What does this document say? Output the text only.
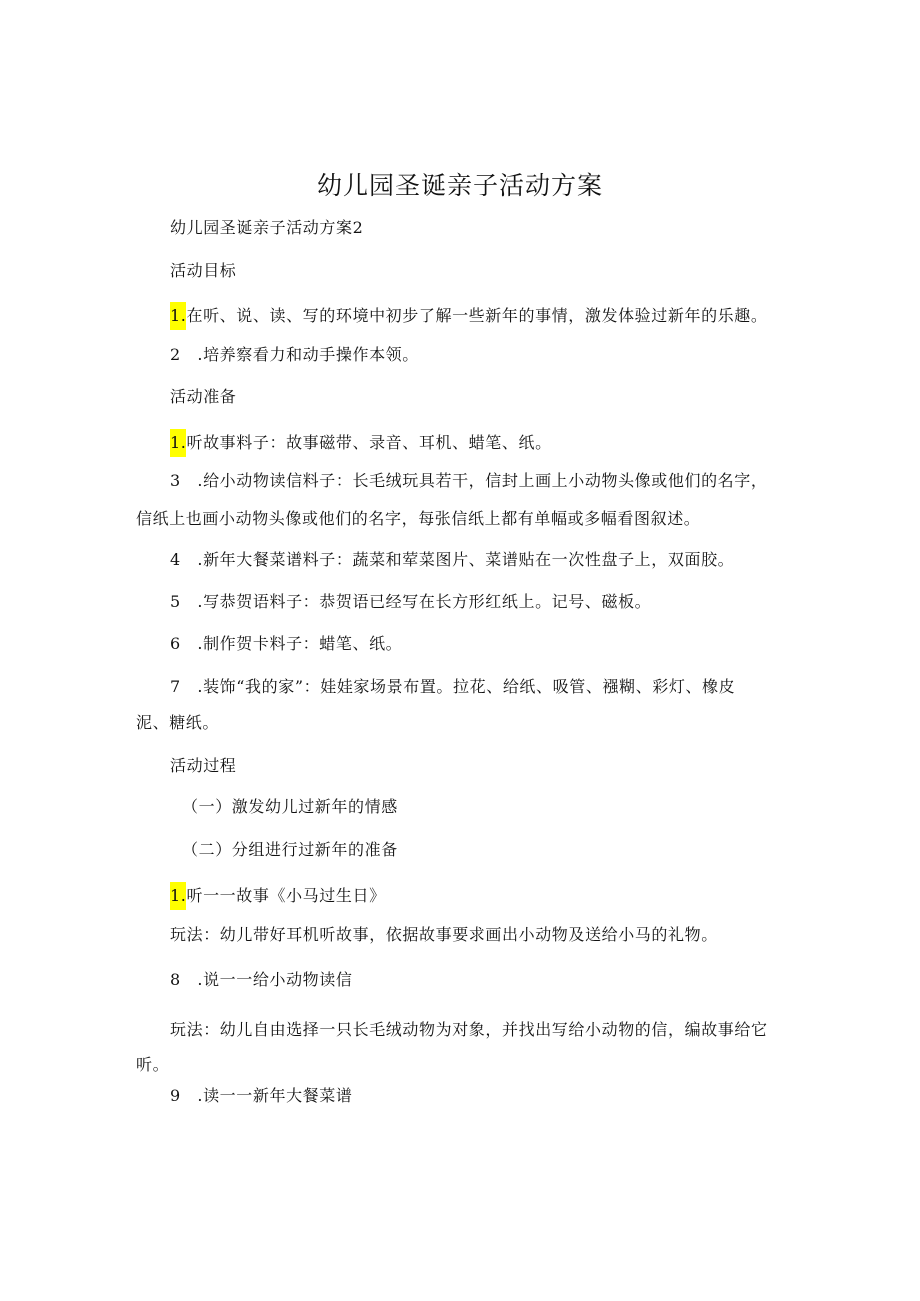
幼儿园圣诞亲子活动方案
幼儿园圣诞亲子活动方案2
活动目标
1.在听、说、读、写的环境中初步了解一些新年的事情，激发体验过新年的乐趣。
2 .培养察看力和动手操作本领。
活动准备
1.听故事料子：故事磁带、录音、耳机、蜡笔、纸。
3 .给小动物读信料子：长毛绒玩具若干，信封上画上小动物头像或他们的名字，
信纸上也画小动物头像或他们的名字，每张信纸上都有单幅或多幅看图叙述。
4 .新年大餐菜谱料子：蔬菜和荤菜图片、菜谱贴在一次性盘子上，双面胶。
5 .写恭贺语料子：恭贺语已经写在长方形红纸上。记号、磁板。
6 .制作贺卡料子：蜡笔、纸。
7 .装饰“我的家”：娃娃家场景布置。拉花、给纸、吸管、襁糊、彩灯、橡皮
泥、糖纸。
活动过程
（一）激发幼儿过新年的情感
（二）分组进行过新年的准备
1.听一一故事《小马过生日》
玩法：幼儿带好耳机听故事，依据故事要求画出小动物及送给小马的礼物。
8 .说一一给小动物读信
玩法：幼儿自由选择一只长毛绒动物为对象，并找出写给小动物的信，编故事给它
听。
9 .读一一新年大餐菜谱
